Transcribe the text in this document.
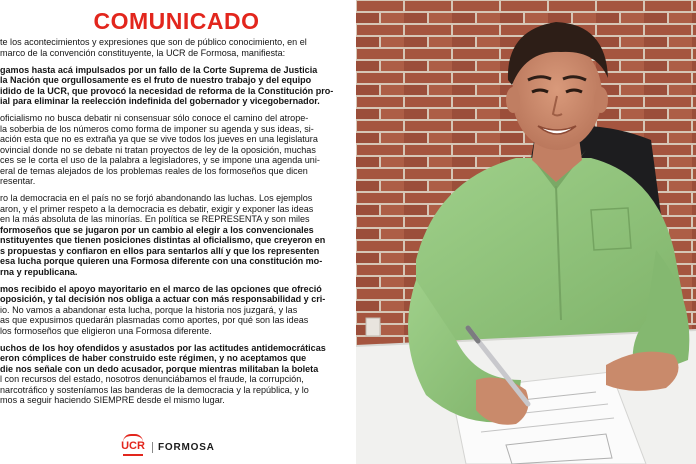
COMUNICADO
te los acontecimientos y expresiones que son de público conocimiento, en el
marco de la convención constituyente, la UCR de Formosa, manifiesta:
gamos hasta acá impulsados por un fallo de la Corte Suprema de Justicia
la Nación que orgullosamente es el fruto de nuestro trabajo y del equipo
idido de la UCR, que provocó la necesidad de reforma de la Constitución pro-
ial para eliminar la reelección indefinida del gobernador y vicegobernador.
oficialismo no busca debatir ni consensuar sólo conoce el camino del atrope-
la soberbia de los números como forma de imponer su agenda y sus ideas, si-
ación esta que no es extraña ya que se vive todos los jueves en una legislatura
ovincial donde no se debate ni tratan proyectos de ley de la oposición, muchas
ces se le corta el uso de la palabra a legisladores, y se impone una agenda uni-
eral de temas alejados de los problemas reales de los formoseños que dicen
resentar.
ro la democracia en el país no se forjó abandonando las luchas. Los ejemplos
aron, y el primer respeto a la democracia es debatir, exigir y exponer las ideas
en la más absoluta de las minorías. En política se REPRESENTA y son miles
formoseños que se jugaron por un cambio al elegir a los convencionales
nstituyentes que tienen posiciones distintas al oficialismo, que creyeron en
s propuestas y confiaron en ellos para sentarlos allí y que los representen
esa lucha porque quieren una Formosa diferente con una constitución mo-
rna y republicana.
mos recibido el apoyo mayoritario en el marco de las opciones que ofreció
oposición, y tal decisión nos obliga a actuar con más responsabilidad y cri-
io. No vamos a abandonar esta lucha, porque la historia nos juzgará, y las
as que expusimos quedarán plasmadas como aportes, por qué son las ideas
los formoseños que eligieron una Formosa diferente.
uchos de los hoy ofendidos y asustados por las actitudes antidemocráticas
eron cómplices de haber construido este régimen, y no aceptamos que
die nos señale con un dedo acusador, porque mientras militaban la boleta
l con recursos del estado, nosotros denunciábamos el fraude, la corrupción,
narcotráfico y sosteníamos las banderas de la democracia y la república, y lo
mos a seguir haciendo SIEMPRE desde el mismo lugar.
UCR	FORMOSA
